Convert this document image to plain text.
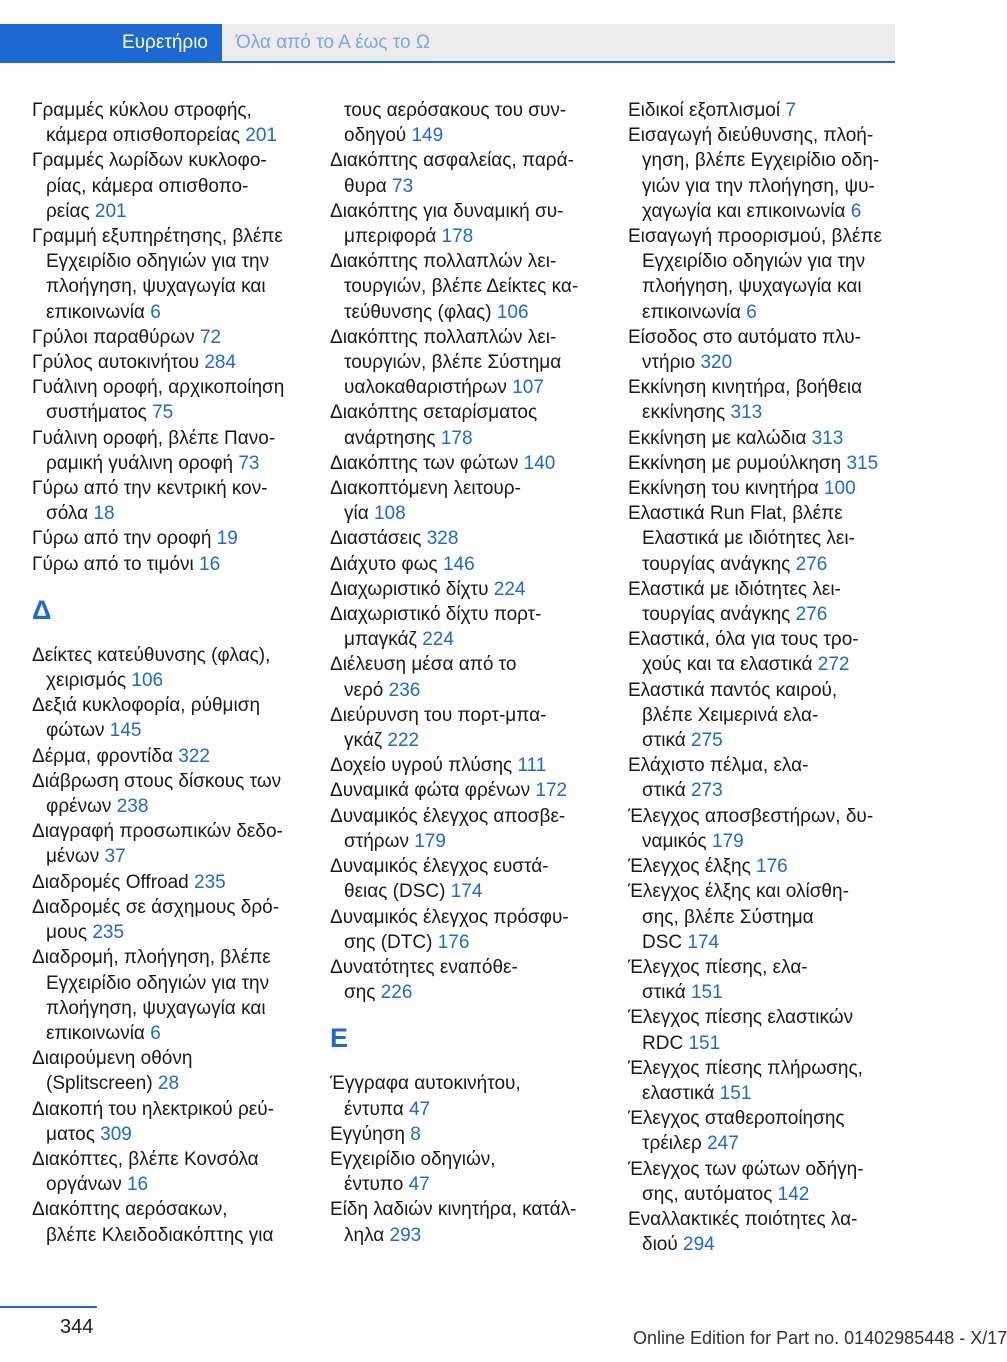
Ευρετήριο	Όλα από το Α έως το Ω
Γραμμές κύκλου στροφής,
κάμερα οπισθοπορείας 201
Γραμμές λωρίδων κυκλοφο‐
ρίας, κάμερα οπισθοπο‐
ρείας 201
Γραμμή εξυπηρέτησης, βλέπε
Εγχειρίδιο οδηγιών για την
πλοήγηση, ψυχαγωγία και
επικοινωνία 6
Γρύλοι παραθύρων 72
Γρύλος αυτοκινήτου 284
Γυάλινη οροφή, αρχικοποίηση
συστήματος 75
Γυάλινη οροφή, βλέπε Πανο‐
ραμική γυάλινη οροφή 73
Γύρω από την κεντρική κον‐
σόλα 18
Γύρω από την οροφή 19
Γύρω από το τιμόνι 16
Δ
Δείκτες κατεύθυνσης (φλας),
χειρισμός 106
Δεξιά κυκλοφορία, ρύθμιση
φώτων 145
Δέρμα, φροντίδα 322
Διάβρωση στους δίσκους των
φρένων 238
Διαγραφή προσωπικών δεδο‐
μένων 37
Διαδρομές Offroad 235
Διαδρομές σε άσχημους δρό‐
μους 235
Διαδρομή, πλοήγηση, βλέπε
Εγχειρίδιο οδηγιών για την
πλοήγηση, ψυχαγωγία και
επικοινωνία 6
Διαιρούμενη οθόνη
(Splitscreen) 28
Διακοπή του ηλεκτρικού ρεύ‐
ματος 309
Διακόπτες, βλέπε Κονσόλα
οργάνων 16
Διακόπτης αερόσακων,
βλέπε Κλειδοδιακόπτης για
τους αερόσακους του συν‐
οδηγού 149
Διακόπτης ασφαλείας, παρά‐
θυρα 73
Διακόπτης για δυναμική συ‐
μπεριφορά 178
Διακόπτης πολλαπλών λει‐
τουργιών, βλέπε Δείκτες κα‐
τεύθυνσης (φλας) 106
Διακόπτης πολλαπλών λει‐
τουργιών, βλέπε Σύστημα
υαλοκαθαριστήρων 107
Διακόπτης σεταρίσματος
ανάρτησης 178
Διακόπτης των φώτων 140
Διακοπτόμενη λειτουρ‐
γία 108
Διαστάσεις 328
Διάχυτο φως 146
Διαχωριστικό δίχτυ 224
Διαχωριστικό δίχτυ πορτ‐
μπαγκάζ 224
Διέλευση μέσα από το
νερό 236
Διεύρυνση του πορτ-μπα‐
γκάζ 222
Δοχείο υγρού πλύσης 111
Δυναμικά φώτα φρένων 172
Δυναμικός έλεγχος αποσβε‐
στήρων 179
Δυναμικός έλεγχος ευστά‐
θειας (DSC) 174
Δυναμικός έλεγχος πρόσφυ‐
σης (DTC) 176
Δυνατότητες εναπόθε‐
σης 226
Ε
Έγγραφα αυτοκινήτου,
έντυπα 47
Εγγύηση 8
Εγχειρίδιο οδηγιών,
έντυπο 47
Είδη λαδιών κινητήρα, κατάλ‐
ληλα 293
Ειδικοί εξοπλισμοί 7
Εισαγωγή διεύθυνσης, πλοή‐
γηση, βλέπε Εγχειρίδιο οδη‐
γιών για την πλοήγηση, ψυ‐
χαγωγία και επικοινωνία 6
Εισαγωγή προορισμού, βλέπε
Εγχειρίδιο οδηγιών για την
πλοήγηση, ψυχαγωγία και
επικοινωνία 6
Είσοδος στο αυτόματο πλυ‐
ντήριο 320
Εκκίνηση κινητήρα, βοήθεια
εκκίνησης 313
Εκκίνηση με καλώδια 313
Εκκίνηση με ρυμούλκηση 315
Εκκίνηση του κινητήρα 100
Ελαστικά Run Flat, βλέπε
Ελαστικά με ιδιότητες λει‐
τουργίας ανάγκης 276
Ελαστικά με ιδιότητες λει‐
τουργίας ανάγκης 276
Ελαστικά, όλα για τους τρο‐
χούς και τα ελαστικά 272
Ελαστικά παντός καιρού,
βλέπε Χειμερινά ελα‐
στικά 275
Ελάχιστο πέλμα, ελα‐
στικά 273
Έλεγχος αποσβεστήρων, δυ‐
ναμικός 179
Έλεγχος έλξης 176
Έλεγχος έλξης και ολίσθη‐
σης, βλέπε Σύστημα
DSC 174
Έλεγχος πίεσης, ελα‐
στικά 151
Έλεγχος πίεσης ελαστικών
RDC 151
Έλεγχος πίεσης πλήρωσης,
ελαστικά 151
Έλεγχος σταθεροποίησης
τρέιλερ 247
Έλεγχος των φώτων οδήγη‐
σης, αυτόματος 142
Εναλλακτικές ποιότητες λα‐
διού 294
344	Online Edition for Part no. 01402985448 - X/17
